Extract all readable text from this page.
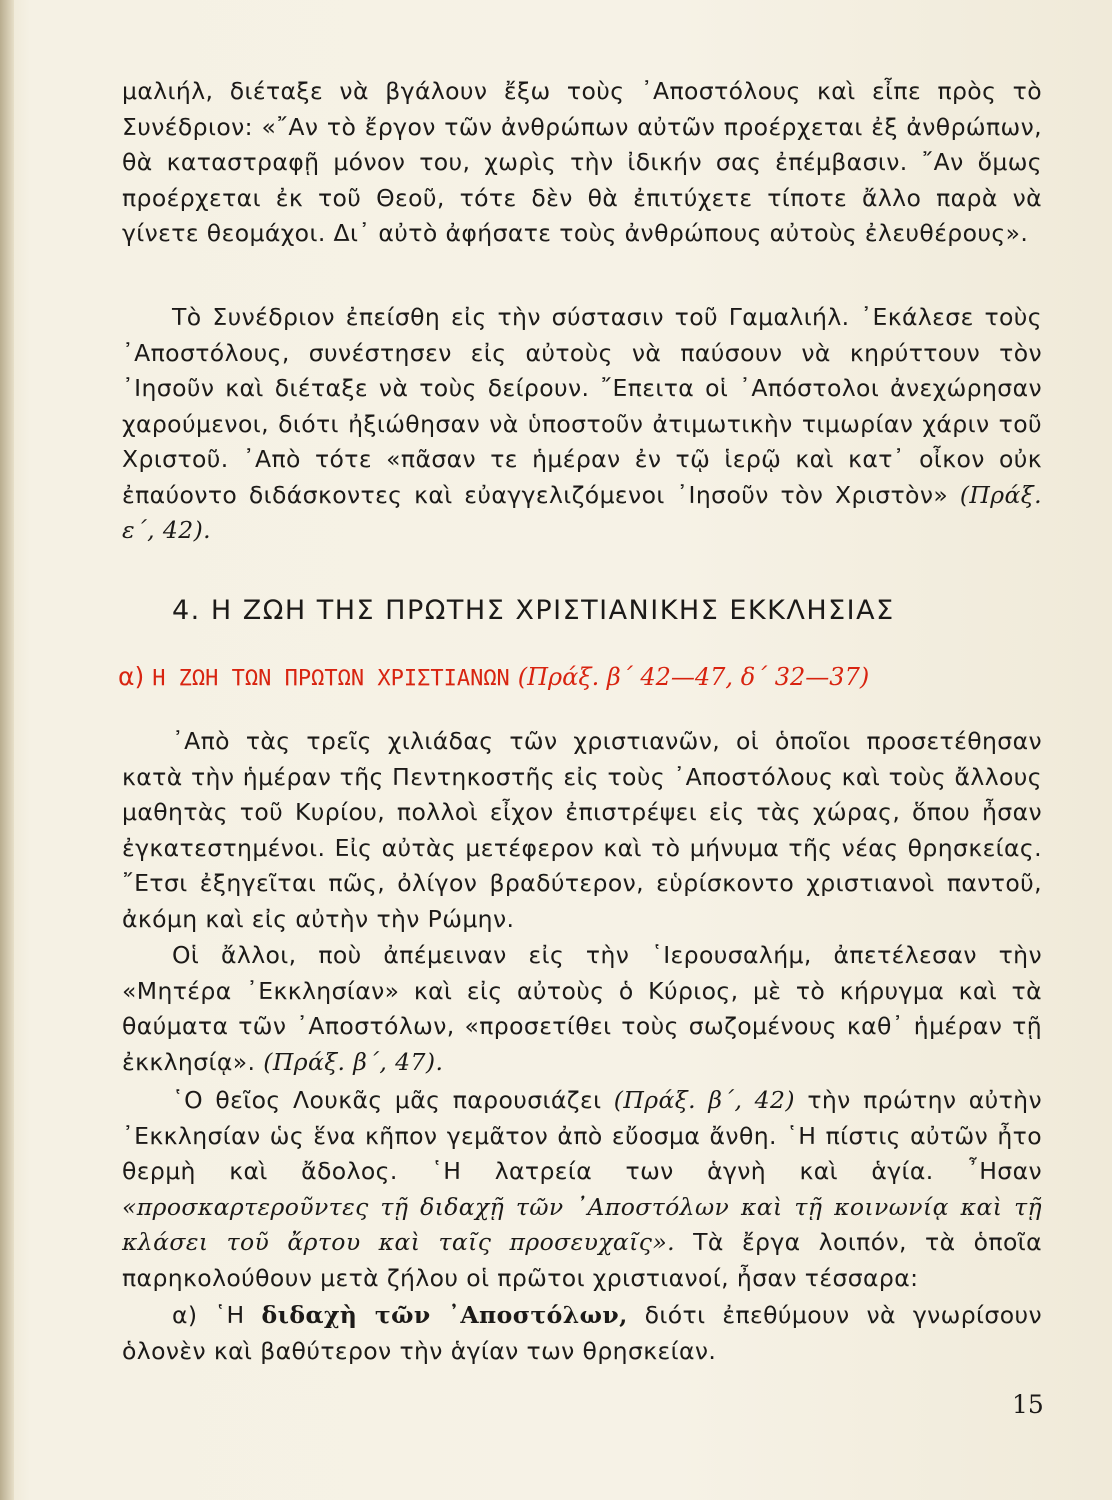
μαλιήλ, διέταξε νὰ βγάλουν ἔξω τοὺς ᾿Αποστόλους καὶ εἶπε πρὸς τὸ Συνέδριον: «῎Αν τὸ ἔργον τῶν ἀνθρώπων αὐτῶν προέρχεται ἐξ ἀνθρώπων, θὰ καταστραφῇ μόνον του, χωρὶς τὴν ἰδικήν σας ἐπέμβασιν. ῎Αν ὅμως προέρχεται ἐκ τοῦ Θεοῦ, τότε δὲν θὰ ἐπιτύχετε τίποτε ἄλλο παρὰ νὰ γίνετε θεομάχοι. Δι᾿ αὐτὸ ἀφήσατε τοὺς ἀνθρώπους αὐτοὺς ἐλευθέρους».

Τὸ Συνέδριον ἐπείσθη εἰς τὴν σύστασιν τοῦ Γαμαλιήλ. ᾿Εκάλεσε τοὺς ᾿Αποστόλους, συνέστησεν εἰς αὐτοὺς νὰ παύσουν νὰ κηρύττουν τὸν ᾿Ιησοῦν καὶ διέταξε νὰ τοὺς δείρουν. ῎Επειτα οἱ ᾿Απόστολοι ἀνεχώρησαν χαρούμενοι, διότι ἠξιώθησαν νὰ ὑποστοῦν ἀτιμωτικὴν τιμωρίαν χάριν τοῦ Χριστοῦ. ᾿Απὸ τότε «πᾶσαν τε ἡμέραν ἐν τῷ ἱερῷ καὶ κατ᾿ οἶκον οὐκ ἐπαύοντο διδάσκοντες καὶ εὐαγγελιζόμενοι ᾿Ιησοῦν τὸν Χριστὸν» (Πράξ. ε΄, 42).

4. Η ΖΩΗ ΤΗΣ ΠΡΩΤΗΣ ΧΡΙΣΤΙΑΝΙΚΗΣ ΕΚΚΛΗΣΙΑΣ
α) Η ΖΩΗ ΤΩΝ ΠΡΩΤΩΝ ΧΡΙΣΤΙΑΝΩΝ (Πράξ. β΄ 42—47, δ΄ 32—37)

᾿Απὸ τὰς τρεῖς χιλιάδας τῶν χριστιανῶν, οἱ ὁποῖοι προσετέθησαν κατὰ τὴν ἡμέραν τῆς Πεντηκοστῆς εἰς τοὺς ᾿Αποστόλους καὶ τοὺς ἄλλους μαθητὰς τοῦ Κυρίου, πολλοὶ εἶχον ἐπιστρέψει εἰς τὰς χώρας, ὅπου ἦσαν ἐγκατεστημένοι. Εἰς αὐτὰς μετέφερον καὶ τὸ μήνυμα τῆς νέας θρησκείας. ῎Ετσι ἐξηγεῖται πῶς, ὀλίγον βραδύτερον, εὑρίσκοντο χριστιανοὶ παντοῦ, ἀκόμη καὶ εἰς αὐτὴν τὴν Ρώμην.

Οἱ ἄλλοι, ποὺ ἀπέμειναν εἰς τὴν ῾Ιερουσαλήμ, ἀπετέλεσαν τὴν «Μητέρα ᾿Εκκλησίαν» καὶ εἰς αὐτοὺς ὁ Κύριος, μὲ τὸ κήρυγμα καὶ τὰ θαύματα τῶν ᾿Αποστόλων, «προσετίθει τοὺς σωζομένους καθ᾿ ἡμέραν τῇ ἐκκλησίᾳ». (Πράξ. β΄, 47).

῾Ο θεῖος Λουκᾶς μᾶς παρουσιάζει (Πράξ. β΄, 42) τὴν πρώτην αὐτὴν ᾿Εκκλησίαν ὡς ἕνα κῆπον γεμᾶτον ἀπὸ εὔοσμα ἄνθη. ῾Η πίστις αὐτῶν ἦτο θερμὴ καὶ ἄδολος. ῾Η λατρεία των ἁγνὴ καὶ ἁγία. ῏Ησαν «προσκαρτεροῦντες τῇ διδαχῇ τῶν ᾿Αποστόλων καὶ τῇ κοινωνίᾳ καὶ τῇ κλάσει τοῦ ἄρτου καὶ ταῖς προσευχαῖς». Τὰ ἔργα λοιπόν, τὰ ὁποῖα παρηκολούθουν μετὰ ζήλου οἱ πρῶτοι χριστιανοί, ἦσαν τέσσαρα:

α) ῾Η διδαχὴ τῶν ᾿Αποστόλων, διότι ἐπεθύμουν νὰ γνωρίσουν ὁλονὲν καὶ βαθύτερον τὴν ἁγίαν των θρησκείαν.

15
